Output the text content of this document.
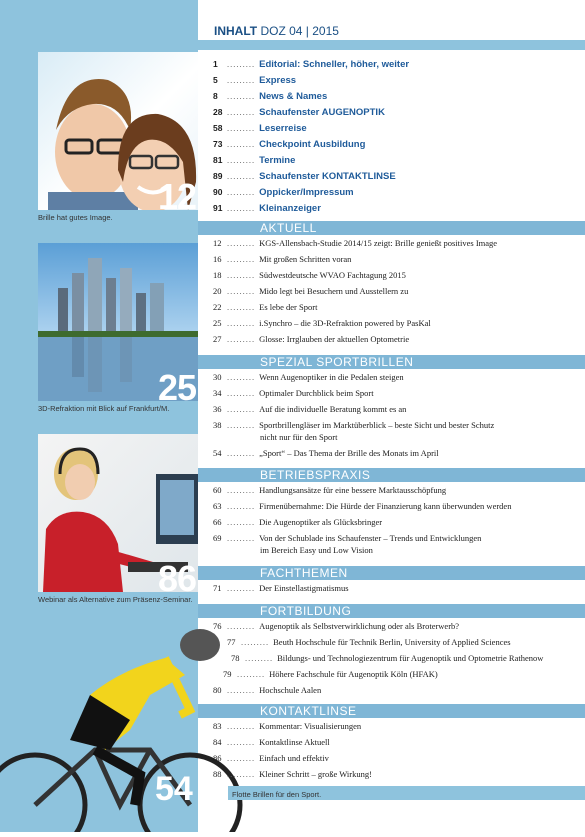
INHALT DOZ 04 | 2015
12
Brille hat gutes Image.
25
3D-Refraktion mit Blick auf Frankfurt/M.
86
Webinar als Alternative zum Präsenz-Seminar.
54	Flotte Brillen für den Sport.
1 ......... Editorial: Schneller, höher, weiter
5 ......... Express
8 ......... News & Names
28 ......... Schaufenster AUGENOPTIK
58 ......... Leserreise
73 ......... Checkpoint Ausbildung
81 ......... Termine
89 ......... Schaufenster KONTAKTLINSE
90 ......... Oppicker/Impressum
91 ......... Kleinanzeiger
AKTUELL
12 ......... KGS-Allensbach-Studie 2014/15 zeigt: Brille genießt positives Image
16 ......... Mit großen Schritten voran
18 ......... Südwestdeutsche WVAO Fachtagung 2015
20 ......... Mido legt bei Besuchern und Ausstellern zu
22 ......... Es lebe der Sport
25 ......... i.Synchro – die 3D-Refraktion powered by PasKal
27 ......... Glosse: Irrglauben der aktuellen Optometrie
SPEZIAL SPORTBRILLEN
30 ......... Wenn Augenoptiker in die Pedalen steigen
34 ......... Optimaler Durchblick beim Sport
36 ......... Auf die individuelle Beratung kommt es an
38 ......... Sportbrillengläser im Marktüberblick – beste Sicht und bester Schutz
nicht nur für den Sport
54 ......... „Sport“ – Das Thema der Brille des Monats im April
BETRIEBSPRAXIS
60 ......... Handlungsansätze für eine bessere Marktausschöpfung
63 ......... Firmenübernahme: Die Hürde der Finanzierung kann überwunden werden
66 ......... Die Augenoptiker als Glücksbringer
69 ......... Von der Schublade ins Schaufenster – Trends und Entwicklungen
im Bereich Easy und Low Vision
FACHTHEMEN
71 ......... Der Einstellastigmatismus
FORTBILDUNG
76 ......... Augenoptik als Selbstverwirklichung oder als Broterwerb?
77 ......... Beuth Hochschule für Technik Berlin, University of Applied Sciences
78 ......... Bildungs- und Technologiezentrum für Augenoptik und Optometrie Rathenow
79 ......... Höhere Fachschule für Augenoptik Köln (HFAK)
80 ......... Hochschule Aalen
KONTAKTLINSE
83 ......... Kommentar: Visualisierungen
84 ......... Kontaktlinse Aktuell
86 ......... Einfach und effektiv
88 ......... Kleiner Schritt – große Wirkung!
